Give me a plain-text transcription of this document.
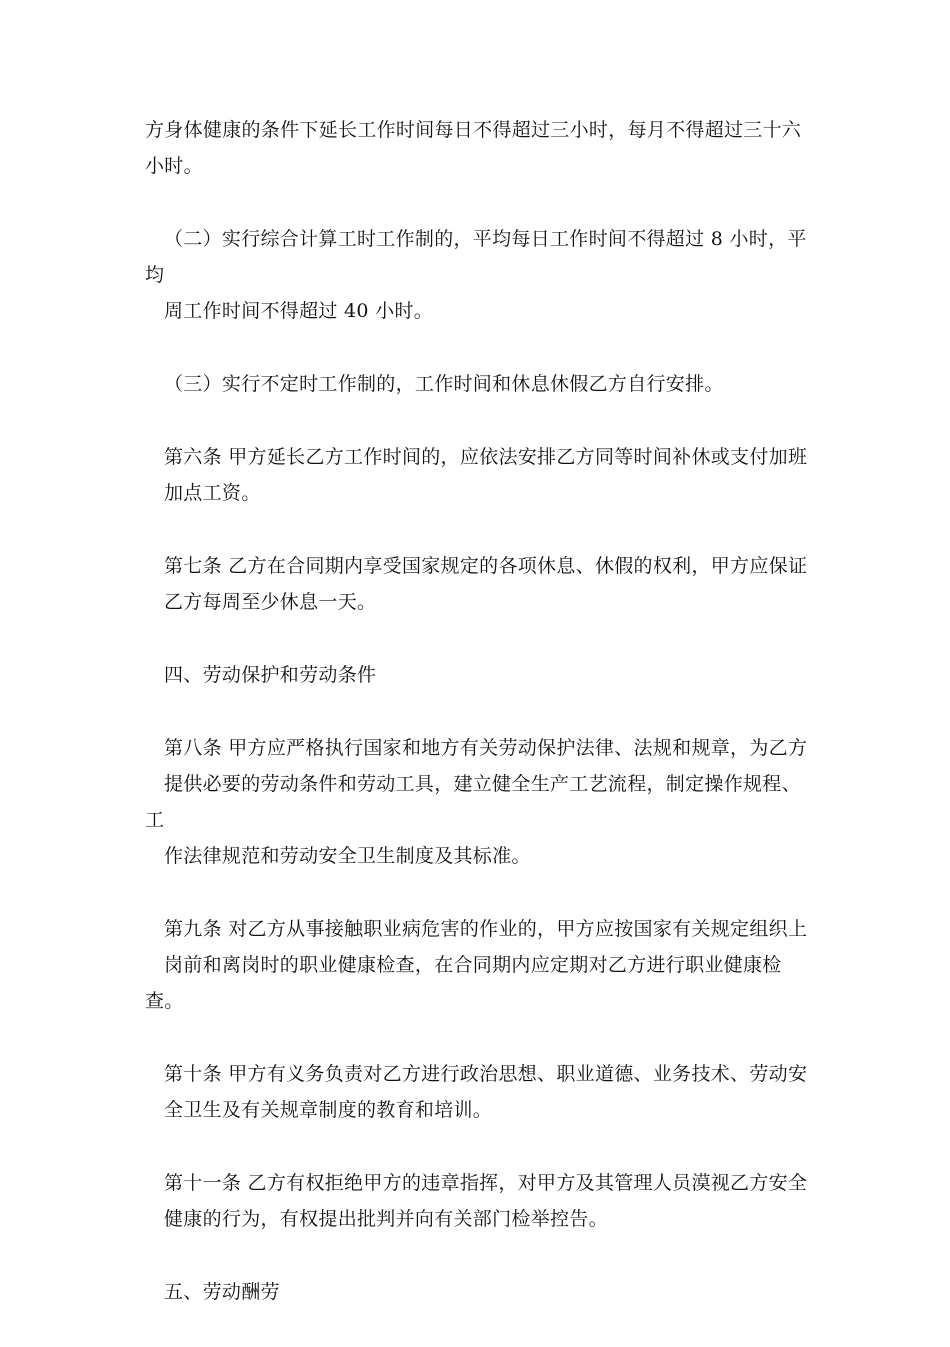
方身体健康的条件下延长工作时间每日不得超过三小时，每月不得超过三十六
小时。

（二）实行综合计算工时工作制的，平均每日工作时间不得超过 8 小时，平均
周工作时间不得超过 40 小时。

（三）实行不定时工作制的，工作时间和休息休假乙方自行安排。

第六条 甲方延长乙方工作时间的，应依法安排乙方同等时间补休或支付加班
加点工资。

第七条 乙方在合同期内享受国家规定的各项休息、休假的权利，甲方应保证
乙方每周至少休息一天。

四、劳动保护和劳动条件

第八条 甲方应严格执行国家和地方有关劳动保护法律、法规和规章，为乙方
提供必要的劳动条件和劳动工具，建立健全生产工艺流程，制定操作规程、工
作法律规范和劳动安全卫生制度及其标准。

第九条 对乙方从事接触职业病危害的作业的，甲方应按国家有关规定组织上
岗前和离岗时的职业健康检查，在合同期内应定期对乙方进行职业健康检查。

第十条 甲方有义务负责对乙方进行政治思想、职业道德、业务技术、劳动安
全卫生及有关规章制度的教育和培训。

第十一条 乙方有权拒绝甲方的违章指挥，对甲方及其管理人员漠视乙方安全
健康的行为，有权提出批判并向有关部门检举控告。

五、劳动酬劳
